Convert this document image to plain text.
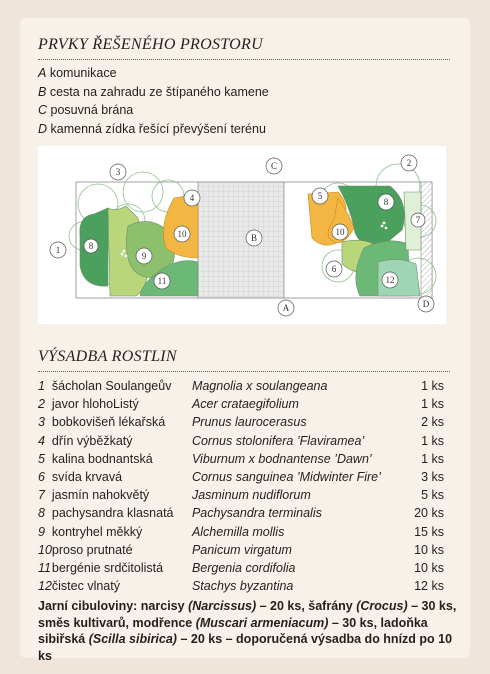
PRVKY ŘEŠENÉHO PROSTORU
A komunikace
B cesta na zahradu ze štípaného kamene
C posuvná brána
D kamenná zídka řešící převýšení terénu
3
C	2
1
4
8
9
10
11
B
5
10
8
7
6
12
A	D
VÝSADBA ROSTLIN
1	šácholan Soulangeův	Magnolia x soulangeana	1 ks
2	javor hlohoListý	Acer crataegifolium	1 ks
3	bobkovišeň lékařská	Prunus laurocerasus	2 ks
4	dřín výběžkatý	Cornus stolonifera ’Flaviramea’	1 ks
5	kalina bodnantská	Viburnum x bodnantense ’Dawn’	1 ks
6	svída krvavá	Cornus sanguinea ’Midwinter Fire’	3 ks
7	jasmín nahokvětý	Jasminum nudiflorum	5 ks
8	pachysandra klasnatá	Pachysandra terminalis	20 ks
9	kontryhel měkký	Alchemilla mollis	15 ks
10	proso prutnaté	Panicum virgatum	10 ks
11	bergénie srdčitolistá	Bergenia cordifolia	10 ks
12	čistec vlnatý	Stachys byzantina	12 ks
Jarní cibuloviny: narcisy (Narcissus) – 20 ks, šafrány (Crocus) – 30 ks, směs kultivarů, modřence (Muscari armeniacum) – 30 ks, ladoňka sibiřská (Scilla sibirica) – 20 ks – doporučená výsadba do hnízd po 10 ks
